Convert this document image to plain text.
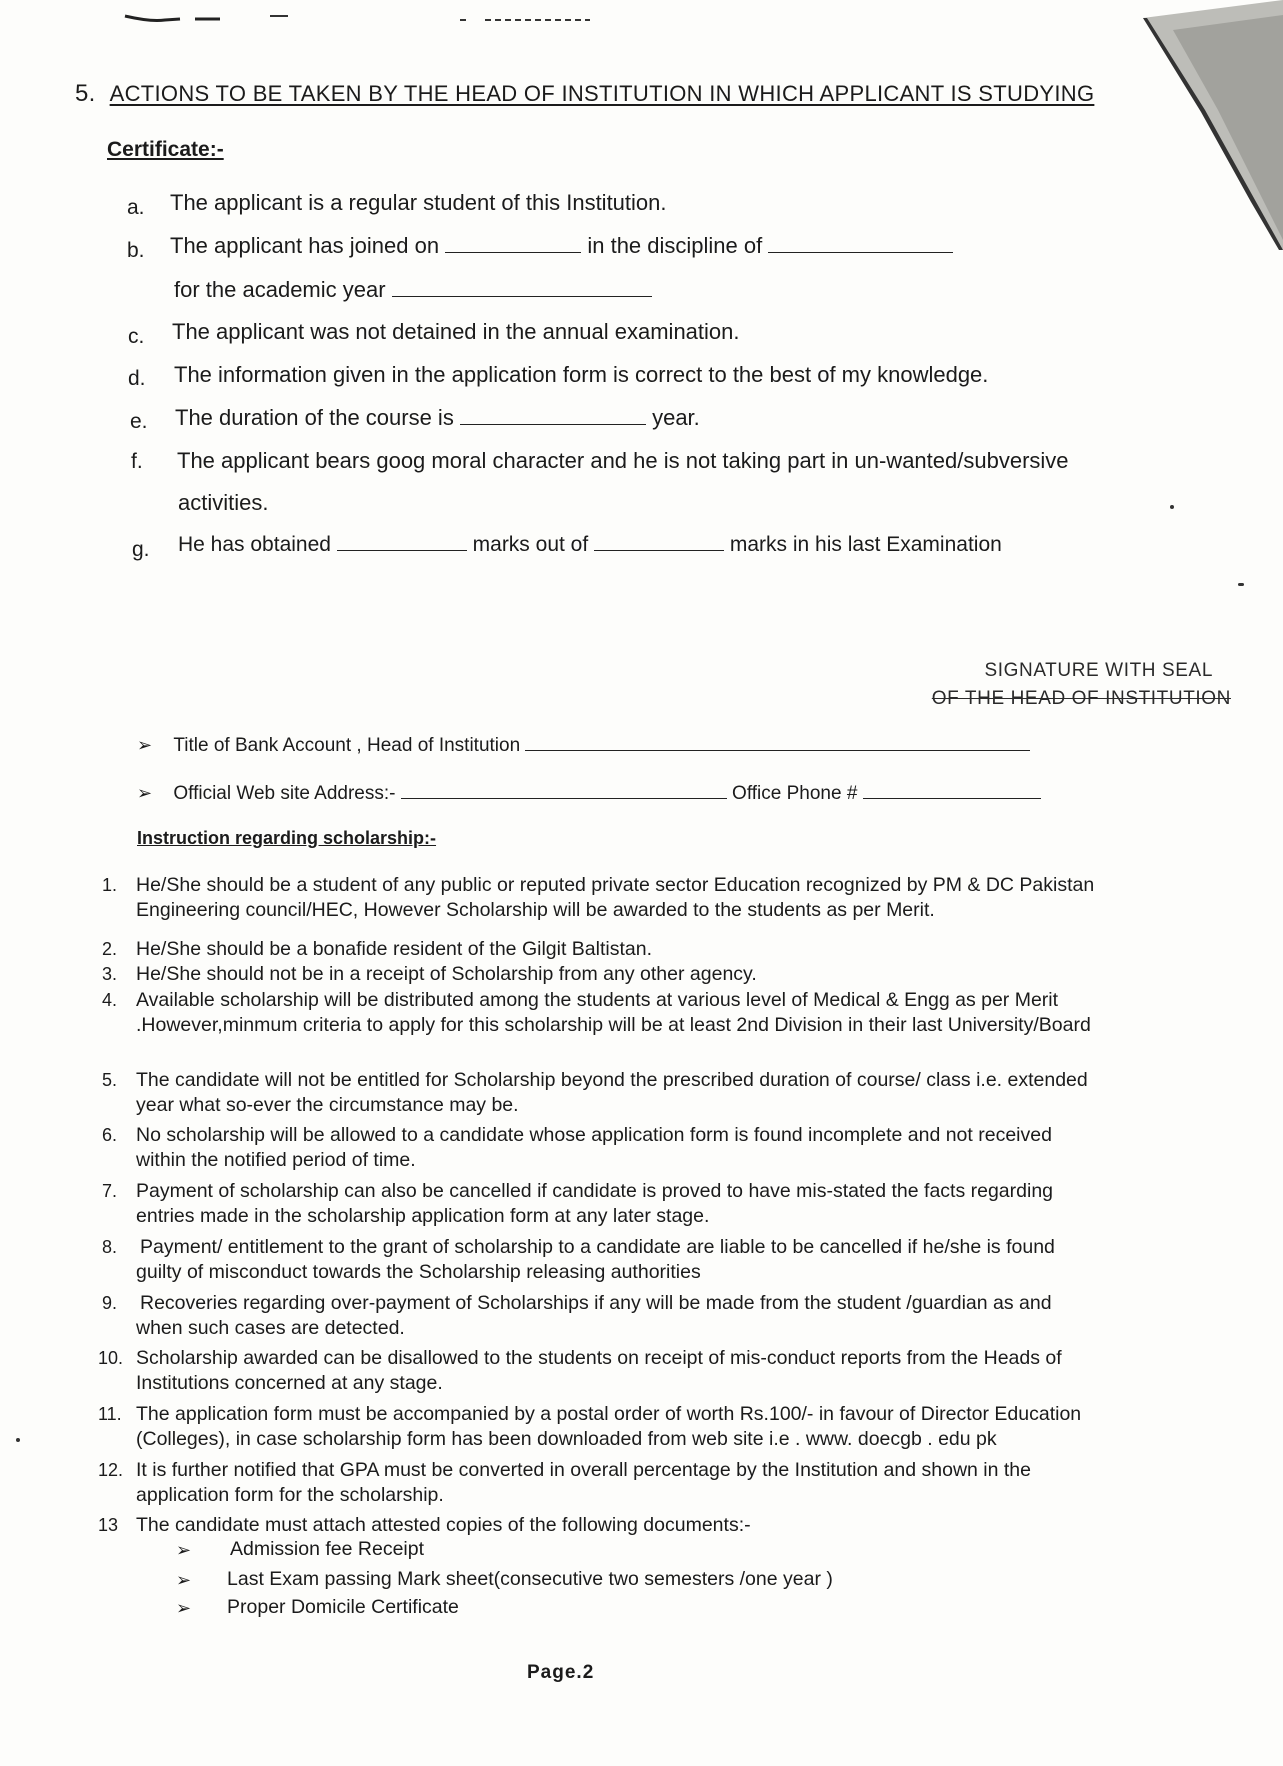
5. ACTIONS TO BE TAKEN BY THE HEAD OF INSTITUTION IN WHICH APPLICANT IS STUDYING
Certificate:-
a. The applicant is a regular student of this Institution.
b. The applicant has joined on	in the discipline of
for the academic year
c. The applicant was not detained in the annual examination.
d. The information given in the application form is correct to the best of my knowledge.
e. The duration of the course is	year.
f. The applicant bears goog moral character and he is not taking part in un-wanted/subversive
activities.
g. He has obtained	marks out of	marks in his last Examination
SIGNATURE WITH SEAL
OF THE HEAD OF INSTITUTION
➢ Title of Bank Account , Head of Institution
➢ Official Web site Address:-	Office Phone #
Instruction regarding scholarship:-
1. He/She should be a student of any public or reputed private sector Education recognized by PM & DC Pakistan
Engineering council/HEC, However Scholarship will be awarded to the students as per Merit.
2. He/She should be a bonafide resident of the Gilgit Baltistan.
3. He/She should not be in a receipt of Scholarship from any other agency.
4. Available scholarship will be distributed among the students at various level of Medical & Engg as per Merit
.However,minmum criteria to apply for this scholarship will be at least 2nd Division in their last University/Board
5. The candidate will not be entitled for Scholarship beyond the prescribed duration of course/ class i.e. extended
year what so-ever the circumstance may be.
6. No scholarship will be allowed to a candidate whose application form is found incomplete and not received
within the notified period of time.
7. Payment of scholarship can also be cancelled if candidate is proved to have mis-stated the facts regarding
entries made in the scholarship application form at any later stage.
8. Payment/ entitlement to the grant of scholarship to a candidate are liable to be cancelled if he/she is found
guilty of misconduct towards the Scholarship releasing authorities
9. Recoveries regarding over-payment of Scholarships if any will be made from the student /guardian as and
when such cases are detected.
10. Scholarship awarded can be disallowed to the students on receipt of mis-conduct reports from the Heads of
Institutions concerned at any stage.
11. The application form must be accompanied by a postal order of worth Rs.100/- in favour of Director Education
(Colleges), in case scholarship form has been downloaded from web site i.e . www. doecgb . edu pk
12. It is further notified that GPA must be converted in overall percentage by the Institution and shown in the
application form for the scholarship.
13 The candidate must attach attested copies of the following documents:-
➢ Admission fee Receipt
➢ Last Exam passing Mark sheet(consecutive two semesters /one year )
➢ Proper Domicile Certificate
Page.2
